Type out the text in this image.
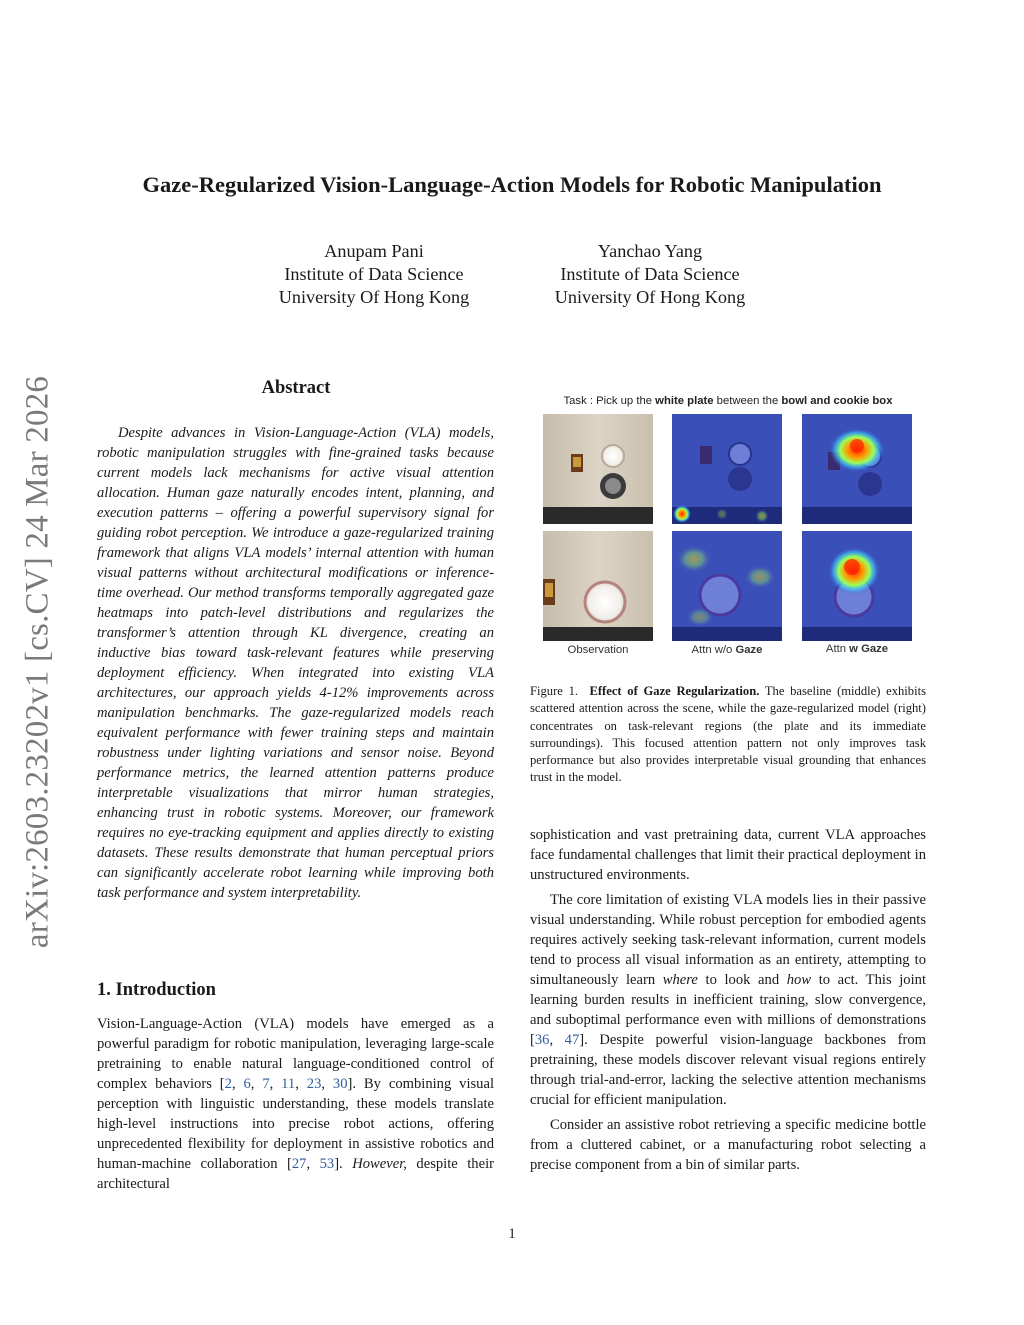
arXiv:2603.23202v1 [cs.CV] 24 Mar 2026
Gaze-Regularized Vision-Language-Action Models for Robotic Manipulation
Anupam Pani
Institute of Data Science
University Of Hong Kong
Yanchao Yang
Institute of Data Science
University Of Hong Kong
Abstract

Despite advances in Vision-Language-Action (VLA) models, robotic manipulation struggles with fine-grained tasks because current models lack mechanisms for active visual attention allocation. Human gaze naturally encodes intent, planning, and execution patterns – offering a powerful supervisory signal for guiding robot perception. We introduce a gaze-regularized training framework that aligns VLA models’ internal attention with human visual patterns without architectural modifications or inference-time overhead. Our method transforms temporally aggregated gaze heatmaps into patch-level distributions and regularizes the transformer’s attention through KL divergence, creating an inductive bias toward task-relevant features while preserving deployment efficiency. When integrated into existing VLA architectures, our approach yields 4-12% improvements across manipulation benchmarks. The gaze-regularized models reach equivalent performance with fewer training steps and maintain robustness under lighting variations and sensor noise. Beyond performance metrics, the learned attention patterns produce interpretable visualizations that mirror human strategies, enhancing trust in robotic systems. Moreover, our framework requires no eye-tracking equipment and applies directly to existing datasets. These results demonstrate that human perceptual priors can significantly accelerate robot learning while improving both task performance and system interpretability.

1. Introduction

Vision-Language-Action (VLA) models have emerged as a powerful paradigm for robotic manipulation, leveraging large-scale pretraining to enable natural language-conditioned control of complex behaviors [2, 6, 7, 11, 23, 30]. By combining visual perception with linguistic understanding, these models translate high-level instructions into precise robot actions, offering unprecedented flexibility for deployment in assistive robotics and human-machine collaboration [27, 53]. However, despite their architectural

Task : Pick up the white plate between the bowl and cookie box
Observation	Attn w/o Gaze	Attn w Gaze

Figure 1. Effect of Gaze Regularization. The baseline (middle) exhibits scattered attention across the scene, while the gaze-regularized model (right) concentrates on task-relevant regions (the plate and its immediate surroundings). This focused attention pattern not only improves task performance but also provides interpretable visual grounding that enhances trust in the model.

sophistication and vast pretraining data, current VLA approaches face fundamental challenges that limit their practical deployment in unstructured environments.

The core limitation of existing VLA models lies in their passive visual understanding. While robust perception for embodied agents requires actively seeking task-relevant information, current models tend to process all visual information as an entirety, attempting to simultaneously learn where to look and how to act. This joint learning burden results in inefficient training, slow convergence, and suboptimal performance even with millions of demonstrations [36, 47]. Despite powerful vision-language backbones from pretraining, these models discover relevant visual regions entirely through trial-and-error, lacking the selective attention mechanisms crucial for efficient manipulation.

Consider an assistive robot retrieving a specific medicine bottle from a cluttered cabinet, or a manufacturing robot selecting a precise component from a bin of similar parts.

1
